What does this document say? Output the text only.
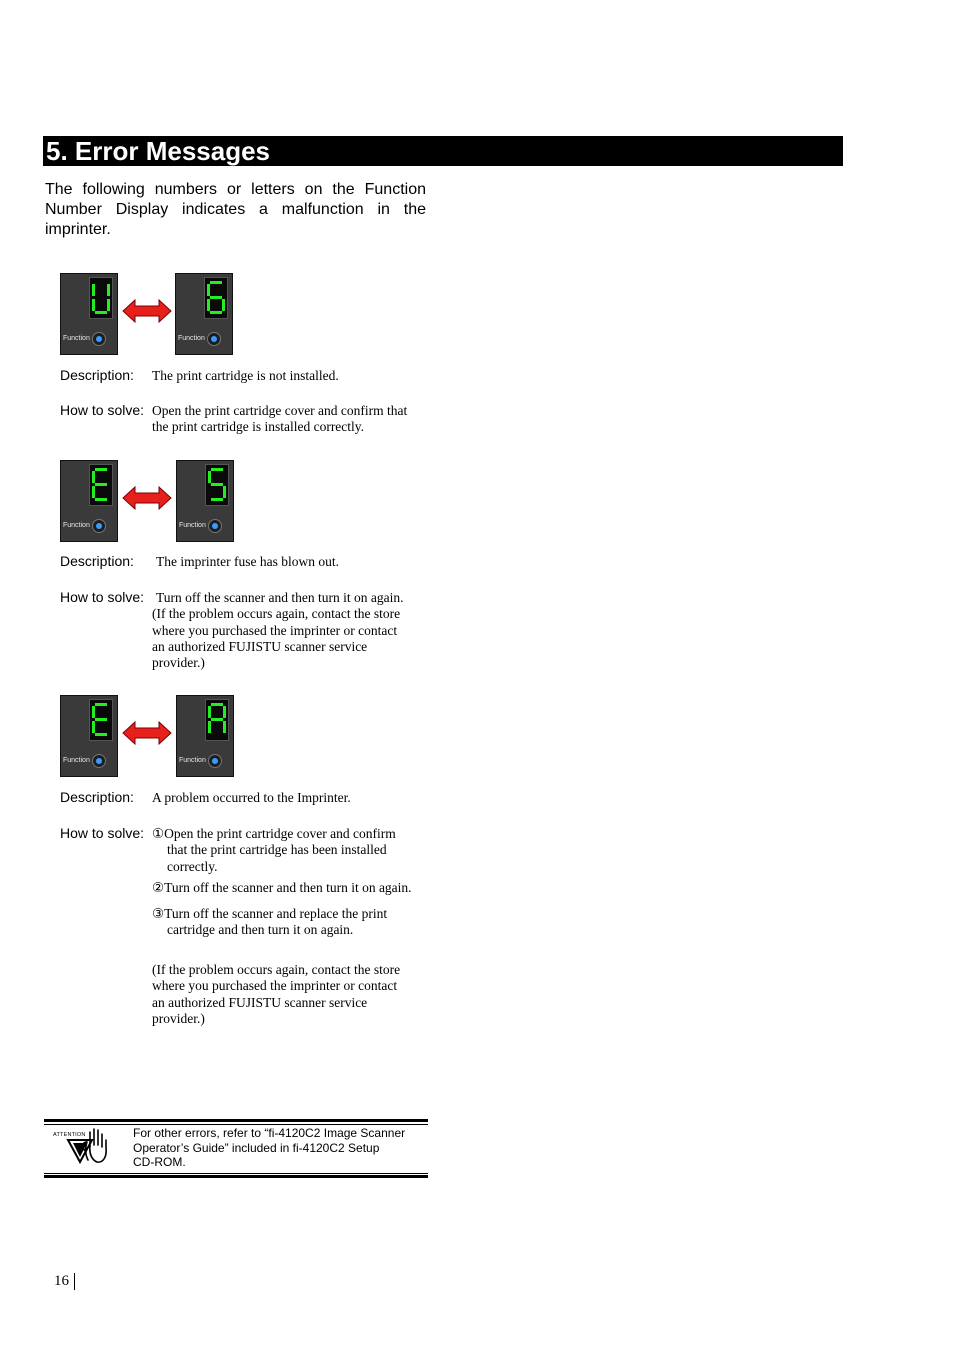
5. Error Messages
The following numbers or letters on the Function Number Display indicates a malfunction in the imprinter.
Function	Function
Description: The print cartridge is not installed.

How to solve: Open the print cartridge cover and confirm that

the print cartridge is installed correctly.

Function	Function
Description: The imprinter fuse has blown out.

How to solve: Turn off the scanner and then turn it on again.

(If the problem occurs again, contact the store

where you purchased the imprinter or contact

an authorized FUJISTU scanner service

provider.)

Function	Function
Description: A problem occurred to the Imprinter.

How to solve: ①Open the print cartridge cover and confirm that the print cartridge has been installed correctly.

②Turn off the scanner and then turn it on again.

③Turn off the scanner and replace the print cartridge and then turn it on again.

(If the problem occurs again, contact the store

where you purchased the imprinter or contact

an authorized FUJISTU scanner service

provider.)

ATTENTION	For other errors, refer to “fi-4120C2 Image Scanner
Operator’s Guide” included in fi-4120C2 Setup
CD-ROM.
16
